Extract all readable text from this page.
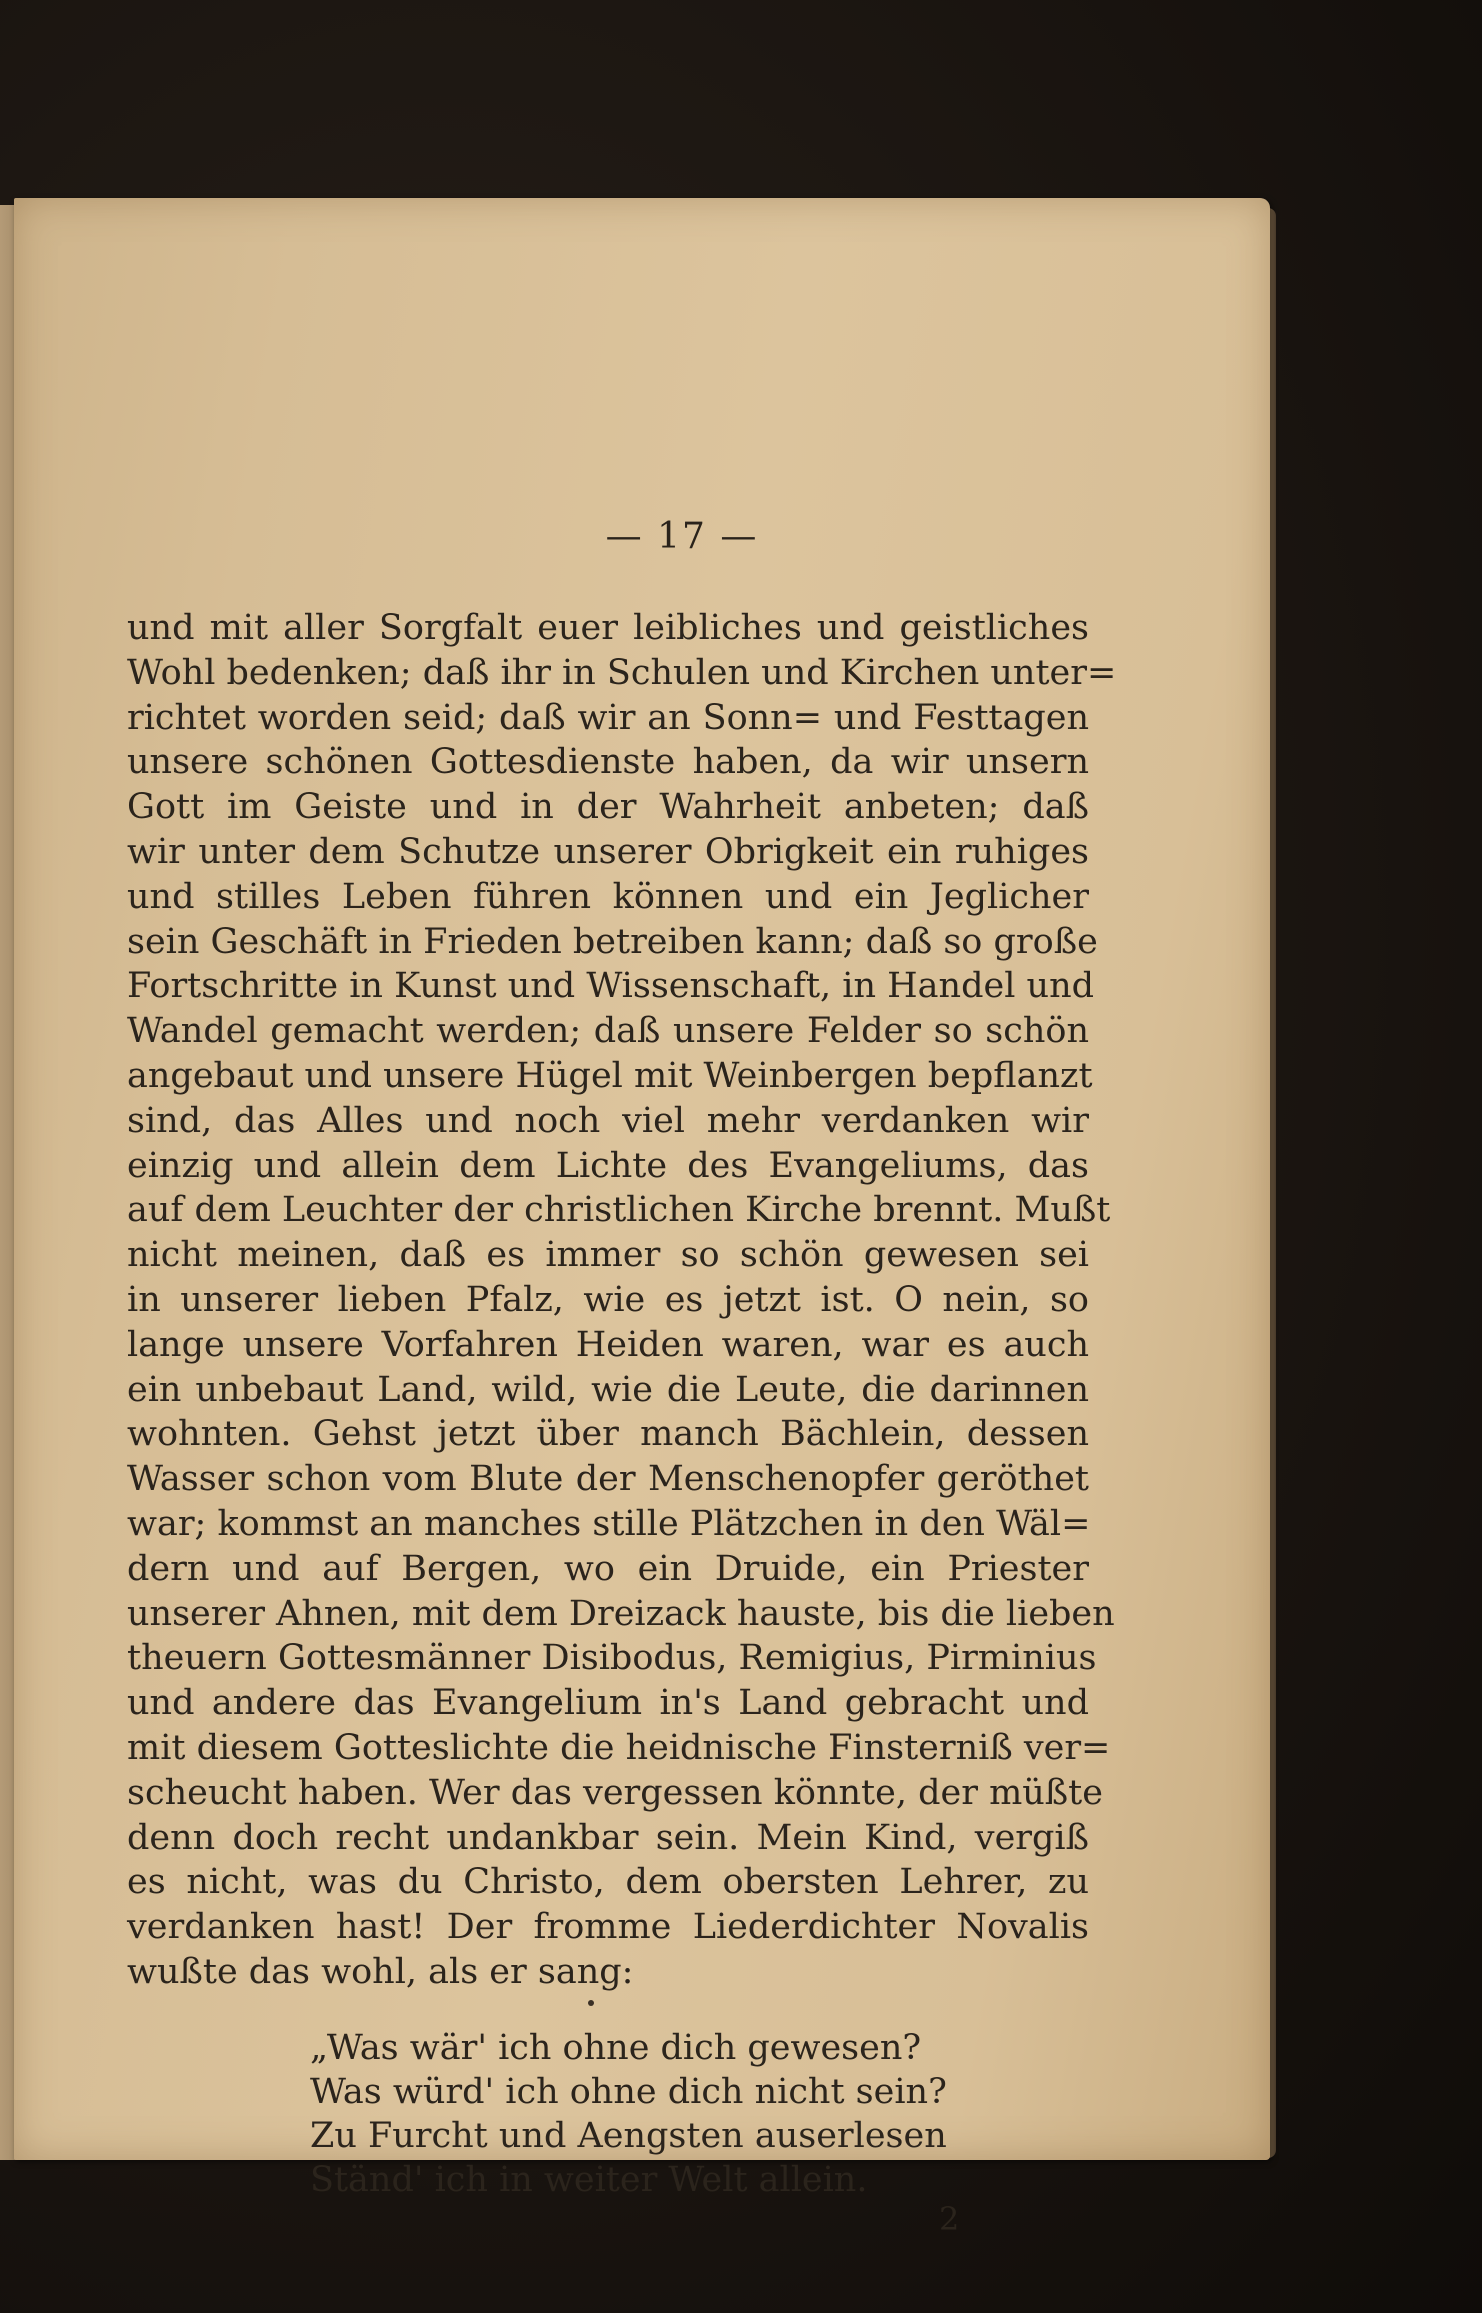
— 17 —
und mit aller Sorgfalt euer leibliches und geistliches
Wohl bedenken; daß ihr in Schulen und Kirchen unter=
richtet worden seid; daß wir an Sonn= und Festtagen
unsere schönen Gottesdienste haben, da wir unsern
Gott im Geiste und in der Wahrheit anbeten; daß
wir unter dem Schutze unserer Obrigkeit ein ruhiges
und stilles Leben führen können und ein Jeglicher
sein Geschäft in Frieden betreiben kann; daß so große
Fortschritte in Kunst und Wissenschaft, in Handel und
Wandel gemacht werden; daß unsere Felder so schön
angebaut und unsere Hügel mit Weinbergen bepflanzt
sind, das Alles und noch viel mehr verdanken wir
einzig und allein dem Lichte des Evangeliums, das
auf dem Leuchter der christlichen Kirche brennt. Mußt
nicht meinen, daß es immer so schön gewesen sei
in unserer lieben Pfalz, wie es jetzt ist. O nein, so
lange unsere Vorfahren Heiden waren, war es auch
ein unbebaut Land, wild, wie die Leute, die darinnen
wohnten. Gehst jetzt über manch Bächlein, dessen
Wasser schon vom Blute der Menschenopfer geröthet
war; kommst an manches stille Plätzchen in den Wäl=
dern und auf Bergen, wo ein Druide, ein Priester
unserer Ahnen, mit dem Dreizack hauste, bis die lieben
theuern Gottesmänner Disibodus, Remigius, Pirminius
und andere das Evangelium in's Land gebracht und
mit diesem Gotteslichte die heidnische Finsterniß ver=
scheucht haben. Wer das vergessen könnte, der müßte
denn doch recht undankbar sein. Mein Kind, vergiß
es nicht, was du Christo, dem obersten Lehrer, zu
verdanken hast! Der fromme Liederdichter Novalis
wußte das wohl, als er sang:
„Was wär' ich ohne dich gewesen?
Was würd' ich ohne dich nicht sein?
Zu Furcht und Aengsten auserlesen
Ständ' ich in weiter Welt allein.
2
